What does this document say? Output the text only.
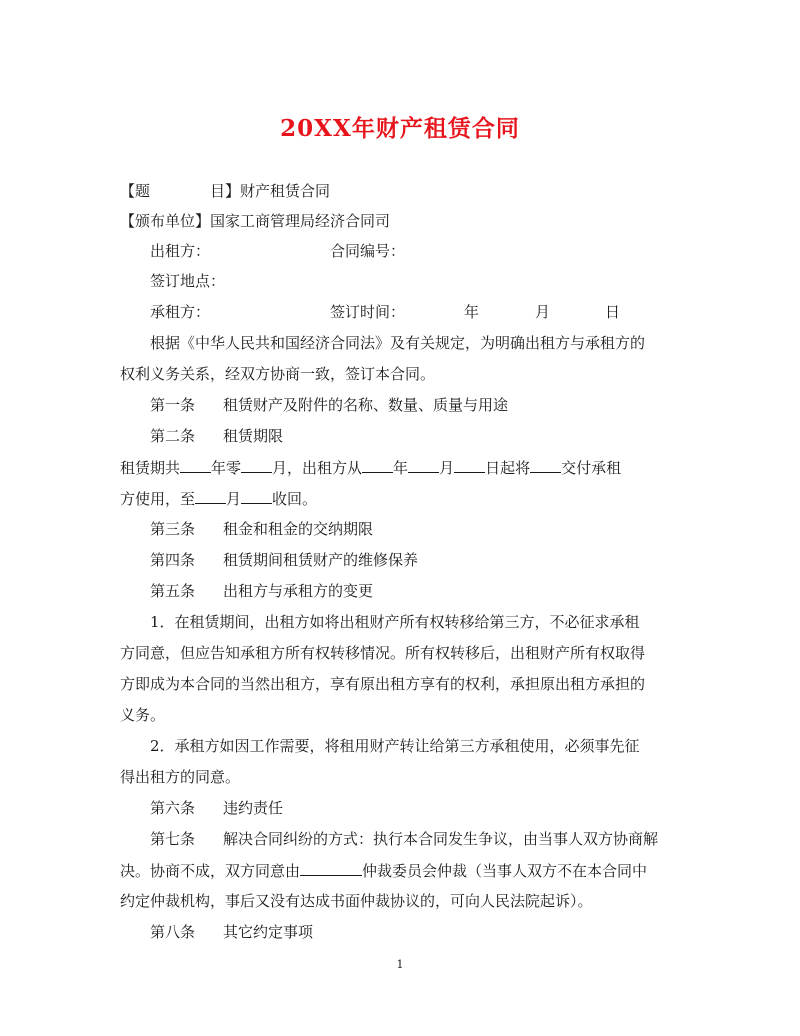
20XX年财产租赁合同
【题	目】 财产租赁合同
【颁布单位】国家工商管理局经济合同司
出租方：	合同编号：
签订地点：
承租方：	签订时间：	年	月	日
根据《中华人民共和国经济合同法》及有关规定，为明确出租方与承租方的
权利义务关系，经双方协商一致，签订本合同。
第一条 租赁财产及附件的名称、数量、质量与用途
第二条 租赁期限
租赁期共 年零 月，出租方从 年 月 日起将 交付承租
方使用，至 月 收回。
第三条 租金和租金的交纳期限
第四条 租赁期间租赁财产的维修保养
第五条 出租方与承租方的变更
1．在租赁期间，出租方如将出租财产所有权转移给第三方，不必征求承租
方同意，但应告知承租方所有权转移情况。所有权转移后，出租财产所有权取得
方即成为本合同的当然出租方，享有原出租方享有的权利，承担原出租方承担的
义务。
2．承租方如因工作需要，将租用财产转让给第三方承租使用，必须事先征
得出租方的同意。
第六条 违约责任
第七条 解决合同纠纷的方式：执行本合同发生争议，由当事人双方协商解
决。协商不成，双方同意由	仲裁委员会仲裁（当事人双方不在本合同中
约定仲裁机构，事后又没有达成书面仲裁协议的，可向人民法院起诉）。
第八条 其它约定事项
1
